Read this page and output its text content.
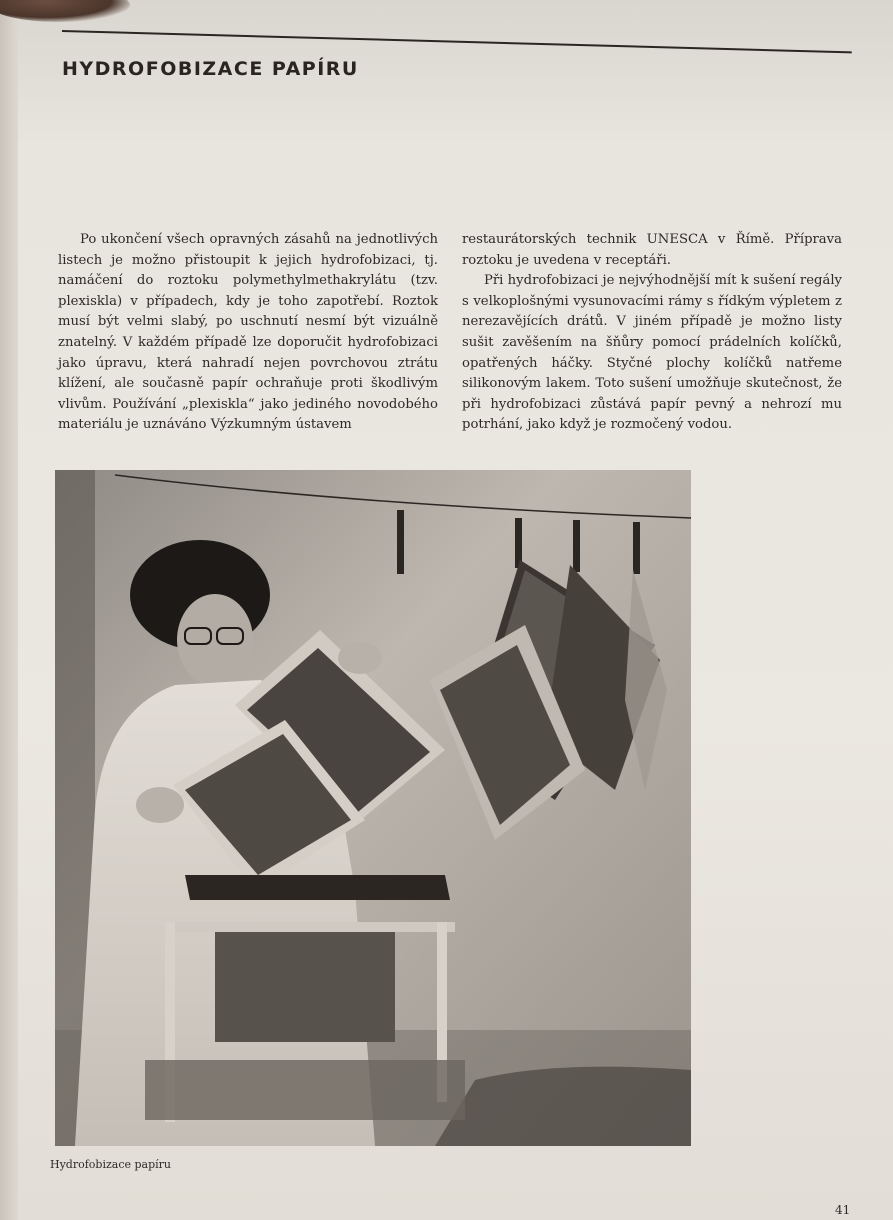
HYDROFOBIZACE PAPÍRU

Po ukončení všech opravných zásahů na jednotlivých listech je možno přistoupit k jejich hydrofobizaci, tj. namáčení do roztoku polymethylmethakrylátu (tzv. plexiskla) v případech, kdy je toho zapotřebí. Roztok musí být velmi slabý, po uschnutí nesmí být vizuálně znatelný. V každém případě lze doporučit hydrofobizaci jako úpravu, která nahradí nejen povrchovou ztrátu klížení, ale současně papír ochraňuje proti škodlivým vlivům. Používání „plexiskla“ jako jediného novodobého materiálu je uznáváno Výzkumným ústavem

restaurátorských technik UNESCA v Římě. Příprava roztoku je uvedena v receptáři.

Při hydrofobizaci je nejvýhodnější mít k sušení regály s velkoplošnými vysunovacími rámy s řídkým výpletem z nerezavějících drátů. V jiném případě je možno listy sušit zavěšením na šňůry pomocí prádelních kolíčků, opatřených háčky. Styčné plochy kolíčků natřeme silikonovým lakem. Toto sušení umožňuje skutečnost, že při hydrofobizaci zůstává papír pevný a nehrozí mu potrhání, jako když je rozmočený vodou.

Hydrofobizace papíru
41
